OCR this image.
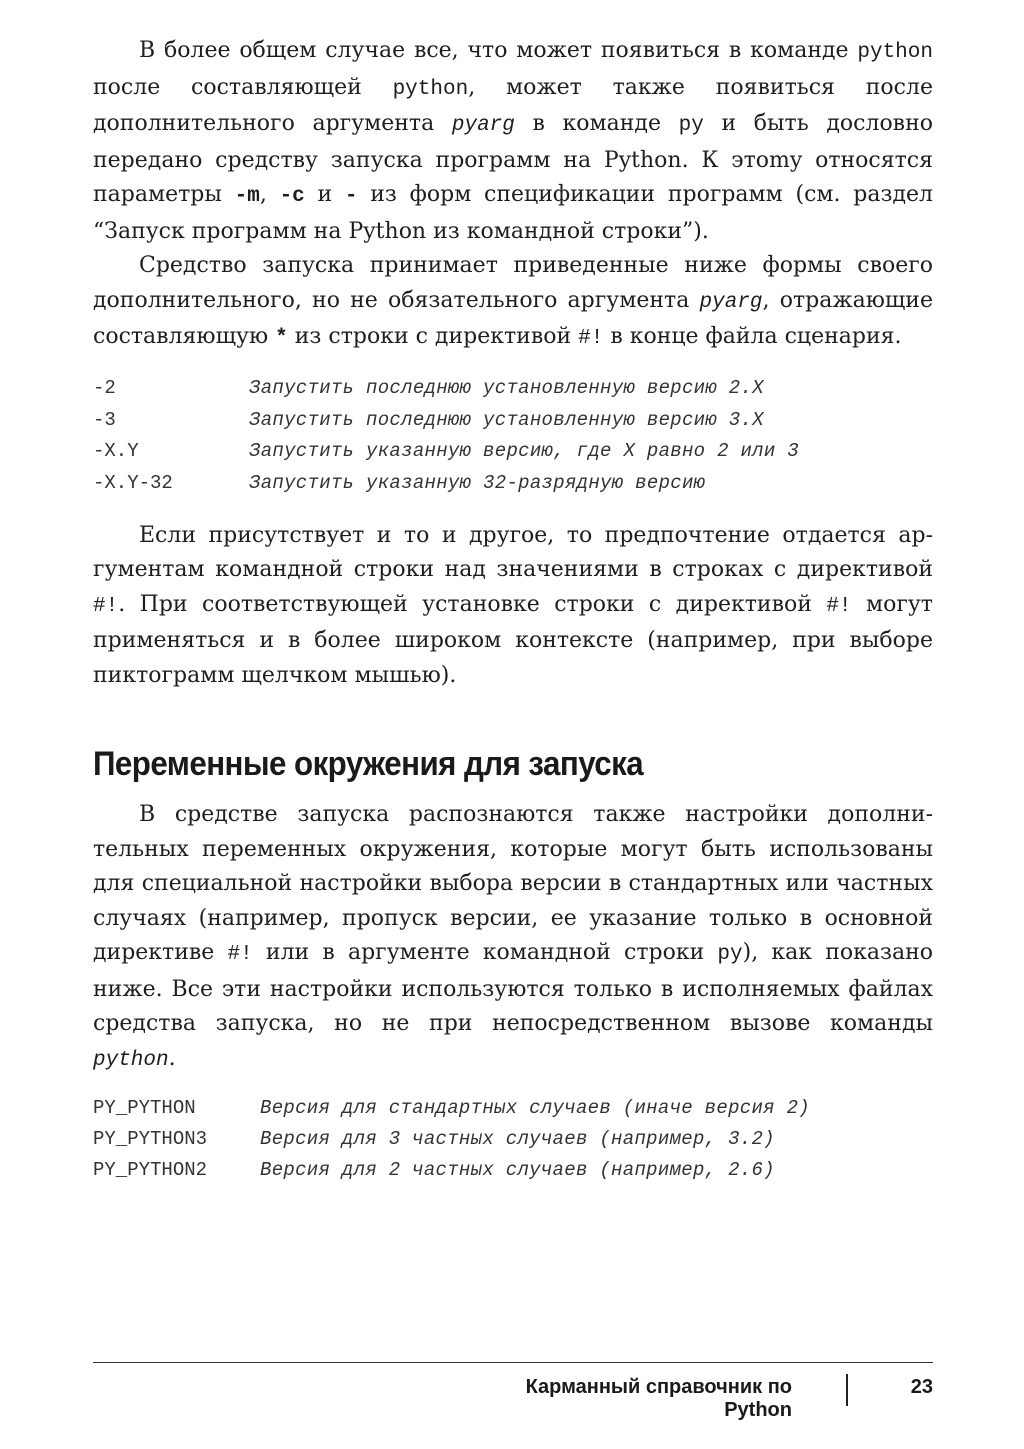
В более общем случае все, что может появиться в команде python после составляющей python, может также появиться после дополнительного аргумента pyarg в команде py и быть дословно передано средству запуска программ на Python. К этоmy относятся параметры -m, -c и - из форм спецификации программ (см. раздел “Запуск программ на Python из командной строки”).

Средство запуска принимает приведенные ниже формы своего дополнительного, но не обязательного аргумента pyarg, отражающие составляющую * из строки с директивой #! в конце файла сценария.

-2	Запустить последнюю установленную версию 2.X
-3	Запустить последнюю установленную версию 3.X
-X.Y	Запустить указанную версию, где X равно 2 или 3
-X.Y-32	Запустить указанную 32-разрядную версию

Если присутствует и то и другое, то предпочтение отдается аргументам командной строки над значениями в строках с директивой #!. При соответствующей установке строки с директивой #! могут применяться и в более широком контексте (например, при выборе пиктограмм щелчком мышью).

Переменные окружения для запуска

В средстве запуска распознаются также настройки дополнительных переменных окружения, которые могут быть использованы для специальной настройки выбора версии в стандартных или частных случаях (например, пропуск версии, ее указание только в основной директиве #! или в аргументе командной строки py), как показано ниже. Все эти настройки используются только в исполняемых файлах средства запуска, но не при непосредственном вызове команды python.

PY_PYTHON	Версия для стандартных случаев (иначе версия 2)
PY_PYTHON3	Версия для 3 частных случаев (например, 3.2)
PY_PYTHON2	Версия для 2 частных случаев (например, 2.6)
Карманный справочник по Python
23
